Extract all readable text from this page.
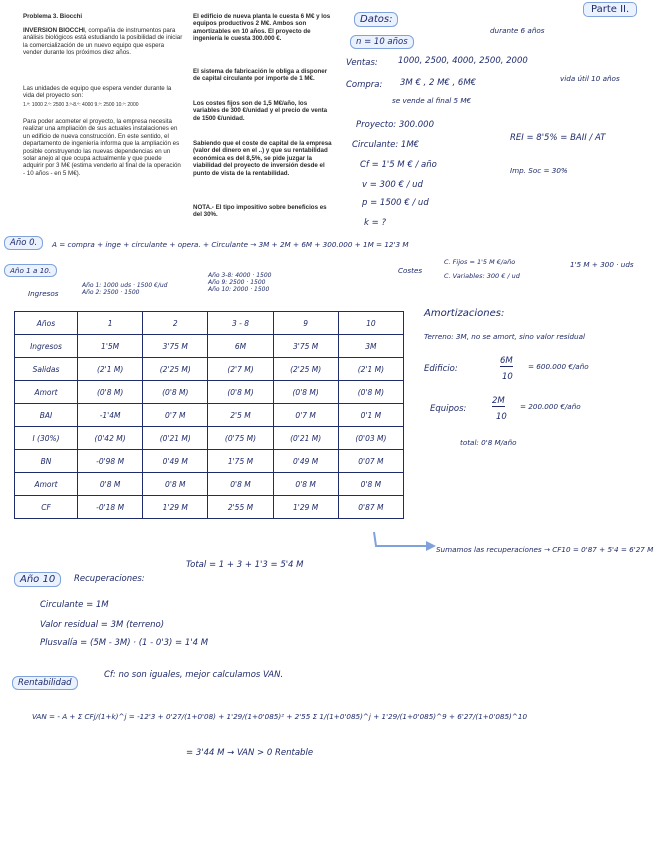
Problema 3. Biocchi
INVERSION BIOCCHI, compañía de instrumentos para análisis biológicos está estudiando la posibilidad de iniciar la comercialización de un nuevo equipo que espera vender durante los próximos diez años.
Las unidades de equipo que espera vender durante la vida del proyecto son:
1.ª: 1000 2.º: 2500 3.º-8.º: 4000 9.º: 2500 10.º: 2000
Para poder acometer el proyecto, la empresa necesita realizar una ampliación de sus actuales instalaciones en un edificio de nueva construcción. En este sentido, el departamento de ingeniería informa que la ampliación es posible construyendo las nuevas dependencias en un solar anejo al que ocupa actualmente y que puede adquirir por 3 M€ (estima venderlo al final de la operación - 10 años - en 5 M€).
El edificio de nueva planta le cuesta 6 M€ y los equipos productivos 2 M€. Ambos son amortizables en 10 años. El proyecto de ingeniería le cuesta 300.000 €.
El sistema de fabricación le obliga a disponer de capital circulante por importe de 1 M€.
Los costes fijos son de 1,5 M€/año, los variables de 300 €/unidad y el precio de venta de 1500 €/unidad.
Sabiendo que el coste de capital de la empresa (valor del dinero en el ..) y que su rentabilidad económica es del 8,5%, se pide juzgar la viabilidad del proyecto de inversión desde el punto de vista de la rentabilidad.
NOTA.- El tipo impositivo sobre beneficios es del 30%.
Parte II.
Datos:
n = 10 años
durante 6 años
Ventas: 1000, 2500, 4000, 2500, 2000
Compra: 3M € , 2 M€ , 6M€	vida útil 10 años
se vende al final 5 M€
Proyecto: 300.000
Circulante: 1M€
Cf = 1'5 M € / año
v = 300 € / ud
p = 1500 € / ud
k = ?
REI = 8'5% = BAII / AT
Imp. Soc = 30%
Año 0.	A = compra + inge + circulante + opera. + Circulante → 3M + 2M + 6M + 300.000 + 1M = 12'3 M
Año 1 a 10.
Ingresos
Año 1: 1000 uds · 1500 €/ud
Año 2: 2500 · 1500
Año 3-8: 4000 · 1500
Año 9: 2500 · 1500
Año 10: 2000 · 1500
Costes
C. Fijos = 1'5 M €/año
C. Variables: 300 € / ud
1'5 M + 300 · uds
Años	1	2	3 - 8	9	10
Ingresos	1'5M	3'75 M	6M	3'75 M	3M
Salidas	(2'1 M)	(2'25 M)	(2'7 M)	(2'25 M)	(2'1 M)
Amort	(0'8 M)	(0'8 M)	(0'8 M)	(0'8 M)	(0'8 M)
BAI	-1'4M	0'7 M	2'5 M	0'7 M	0'1 M
I (30%)	(0'42 M)	(0'21 M)	(0'75 M)	(0'21 M)	(0'03 M)
BN	-0'98 M	0'49 M	1'75 M	0'49 M	0'07 M
Amort	0'8 M	0'8 M	0'8 M	0'8 M	0'8 M
CF	-0'18 M	1'29 M	2'55 M	1'29 M	0'87 M
Amortizaciones:
Terreno: 3M, no se amort, sino valor residual
Edificio:
6M
10
= 600.000 €/año
Equipos:
2M
10
= 200.000 €/año
total: 0'8 M/año
Sumamos las recuperaciones → CF10 = 0'87 + 5'4 = 6'27 M
Año 10	Recuperaciones:
Total = 1 + 3 + 1'3 = 5'4 M
Circulante = 1M
Valor residual = 3M (terreno)
Plusvalía = (5M - 3M) · (1 - 0'3) = 1'4 M
Rentabilidad
Cf: no son iguales, mejor calculamos VAN.
VAN = - A + Σ CFj/(1+k)^j = -12'3 + 0'27/(1+0'08) + 1'29/(1+0'085)² + 2'55 Σ 1/(1+0'085)^j + 1'29/(1+0'085)^9 + 6'27/(1+0'085)^10
= 3'44 M → VAN > 0 Rentable
